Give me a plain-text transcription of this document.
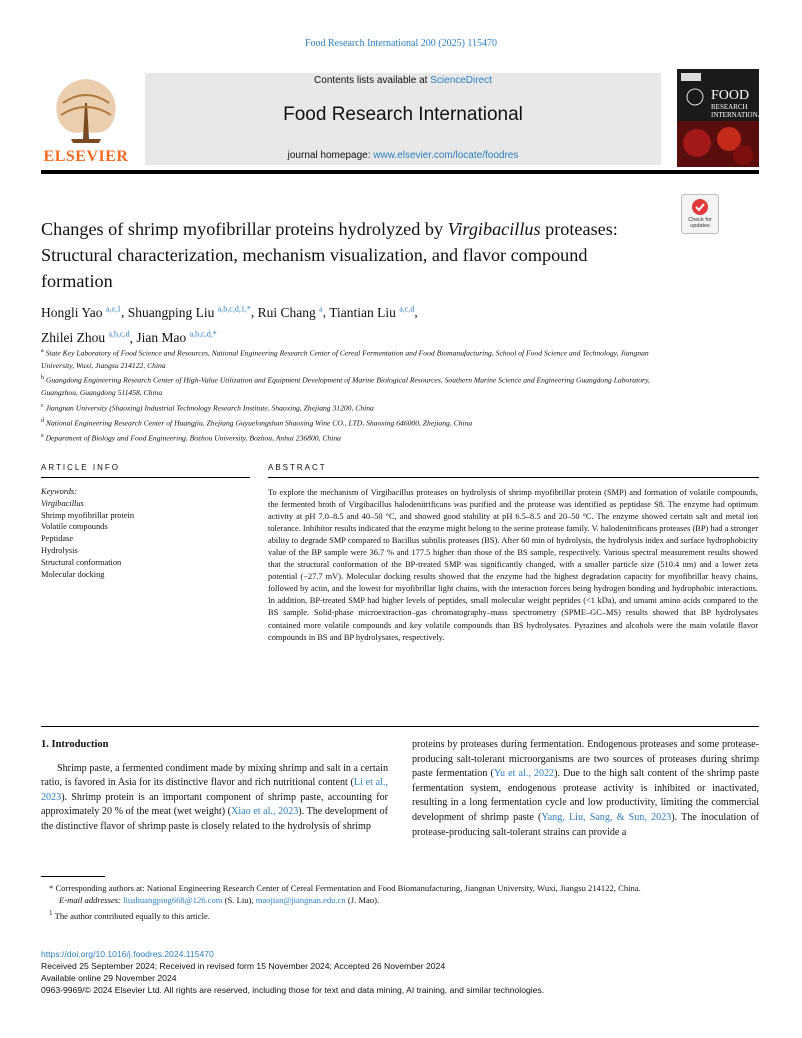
Food Research International 200 (2025) 115470
ELSEVIER
Contents lists available at ScienceDirect
Food Research International
journal homepage: www.elsevier.com/locate/foodres
FOOD
RESEARCH
INTERNATIONAL
Changes of shrimp myofibrillar proteins hydrolyzed by Virgibacillus proteases: Structural characterization, mechanism visualization, and flavor compound formation
Check for
updates
Hongli Yao $^{a,e,1}$, Shuangping Liu $^{a,b,c,d,1,*}$, Rui Chang $^a$, Tiantian Liu $^{a,c,d}$,
Zhilei Zhou $^{a,b,c,d}$, Jian Mao $^{a,b,c,d,*}$

$^a$ State Key Laboratory of Food Science and Resources, National Engineering Research Center of Cereal Fermentation and Food Biomanufacturing, School of Food Science and Technology, Jiangnan University, Wuxi, Jiangsu 214122, China

$^b$ Guangdong Engineering Research Center of High-Value Utilization and Equipment Development of Marine Biological Resources, Southern Marine Science and Engineering Guangdong Laboratory, Guangzhou, Guangdong 511458, China

$^c$ Jiangnan University (Shaoxing) Industrial Technology Research Institute, Shaoxing, Zhejiang 31200, China

$^d$ National Engineering Research Center of Huangjiu, Zhejiang Guyuelongshan Shaoxing Wine CO., LTD, Shaoxing 646000, Zhejiang, China

$^e$ Department of Biology and Food Engineering, Bozhou University, Bozhou, Anhui 236800, China

ARTICLE INFO	ABSTRACT
Keywords:
Virgibacillus
Shrimp myofibrillar protein
Volatile compounds
Peptidase
Hydrolysis
Structural conformation
Molecular docking
To explore the mechanism of Virgibacillus proteases on hydrolysis of shrimp myofibrillar protein (SMP) and formation of volatile compounds, the fermented broth of Virgibacillus halodenitrificans was purified and the protease was identified as peptidase S8. The enzyme had optimum activity at pH 7.0–8.5 and 40–50 °C, and showed good stability at pH 6.5–8.5 and 20–50 °C. The enzyme showed certain salt and metal ion tolerance. Inhibitor results indicated that the enzyme might belong to the serine protease family. V. halodenitrificans proteases (BP) had a stronger ability to degrade SMP compared to Bacillus subtilis proteases (BS). After 60 min of hydrolysis, the hydrolysis index and surface hydrophobicity value of the BP sample were 36.7 % and 177.5 higher than those of the BS sample, respectively. Various spectral measurement results showed that the structural conformation of the BP-treated SMP was significantly changed, with a smaller particle size (510.4 nm) and a lower zeta potential (−27.7 mV). Molecular docking results showed that the enzyme had the highest degradation capacity for myofibrillar heavy chains, followed by actin, and the lowest for myofibrillar light chains, with the interaction forces being hydrogen bonding and hydrophobic interactions. In addition, BP-treated SMP had higher levels of peptides, small molecular weight peptides (<1 kDa), and umami amino acids compared to the BS sample. Solid-phase microextraction–gas chromatography–mass spectrometry (SPME–GC–MS) results showed that BP hydrolysates contained more volatile compounds and key volatile compounds than BS hydrolysates. Pyrazines and alcohols were the main volatile flavor compounds in BS and BP hydrolysates, respectively.
1. Introduction

Shrimp paste, a fermented condiment made by mixing shrimp and salt in a certain ratio, is favored in Asia for its distinctive flavor and rich nutritional content (Li et al., 2023). Shrimp protein is an important component of shrimp paste, accounting for approximately 20 % of the meat (wet weight) (Xiao et al., 2023). The development of the distinctive flavor of shrimp paste is closely related to the hydrolysis of shrimp

proteins by proteases during fermentation. Endogenous proteases and some protease-producing salt-tolerant microorganisms are two sources of proteases during shrimp paste fermentation (Yu et al., 2022). Due to the high salt content of the shrimp paste fermentation system, endogenous protease activity is inhibited or inactivated, resulting in a long fermentation cycle and low productivity, limiting the commercial development of shrimp paste (Yang, Liu, Sang, & Sun, 2023). The inoculation of protease-producing salt-tolerant strains can provide a

* Corresponding authors at: National Engineering Research Center of Cereal Fermentation and Food Biomanufacturing, Jiangnan University, Wuxi, Jiangsu 214122, China.

E-mail addresses: liushuangping668@126.com (S. Liu), maojian@jiangnan.edu.cn (J. Mao).

$^1$ The author contributed equally to this article.

https://doi.org/10.1016/j.foodres.2024.115470
Received 25 September 2024; Received in revised form 15 November 2024; Accepted 26 November 2024
Available online 29 November 2024
0963-9969/© 2024 Elsevier Ltd. All rights are reserved, including those for text and data mining, AI training, and similar technologies.
